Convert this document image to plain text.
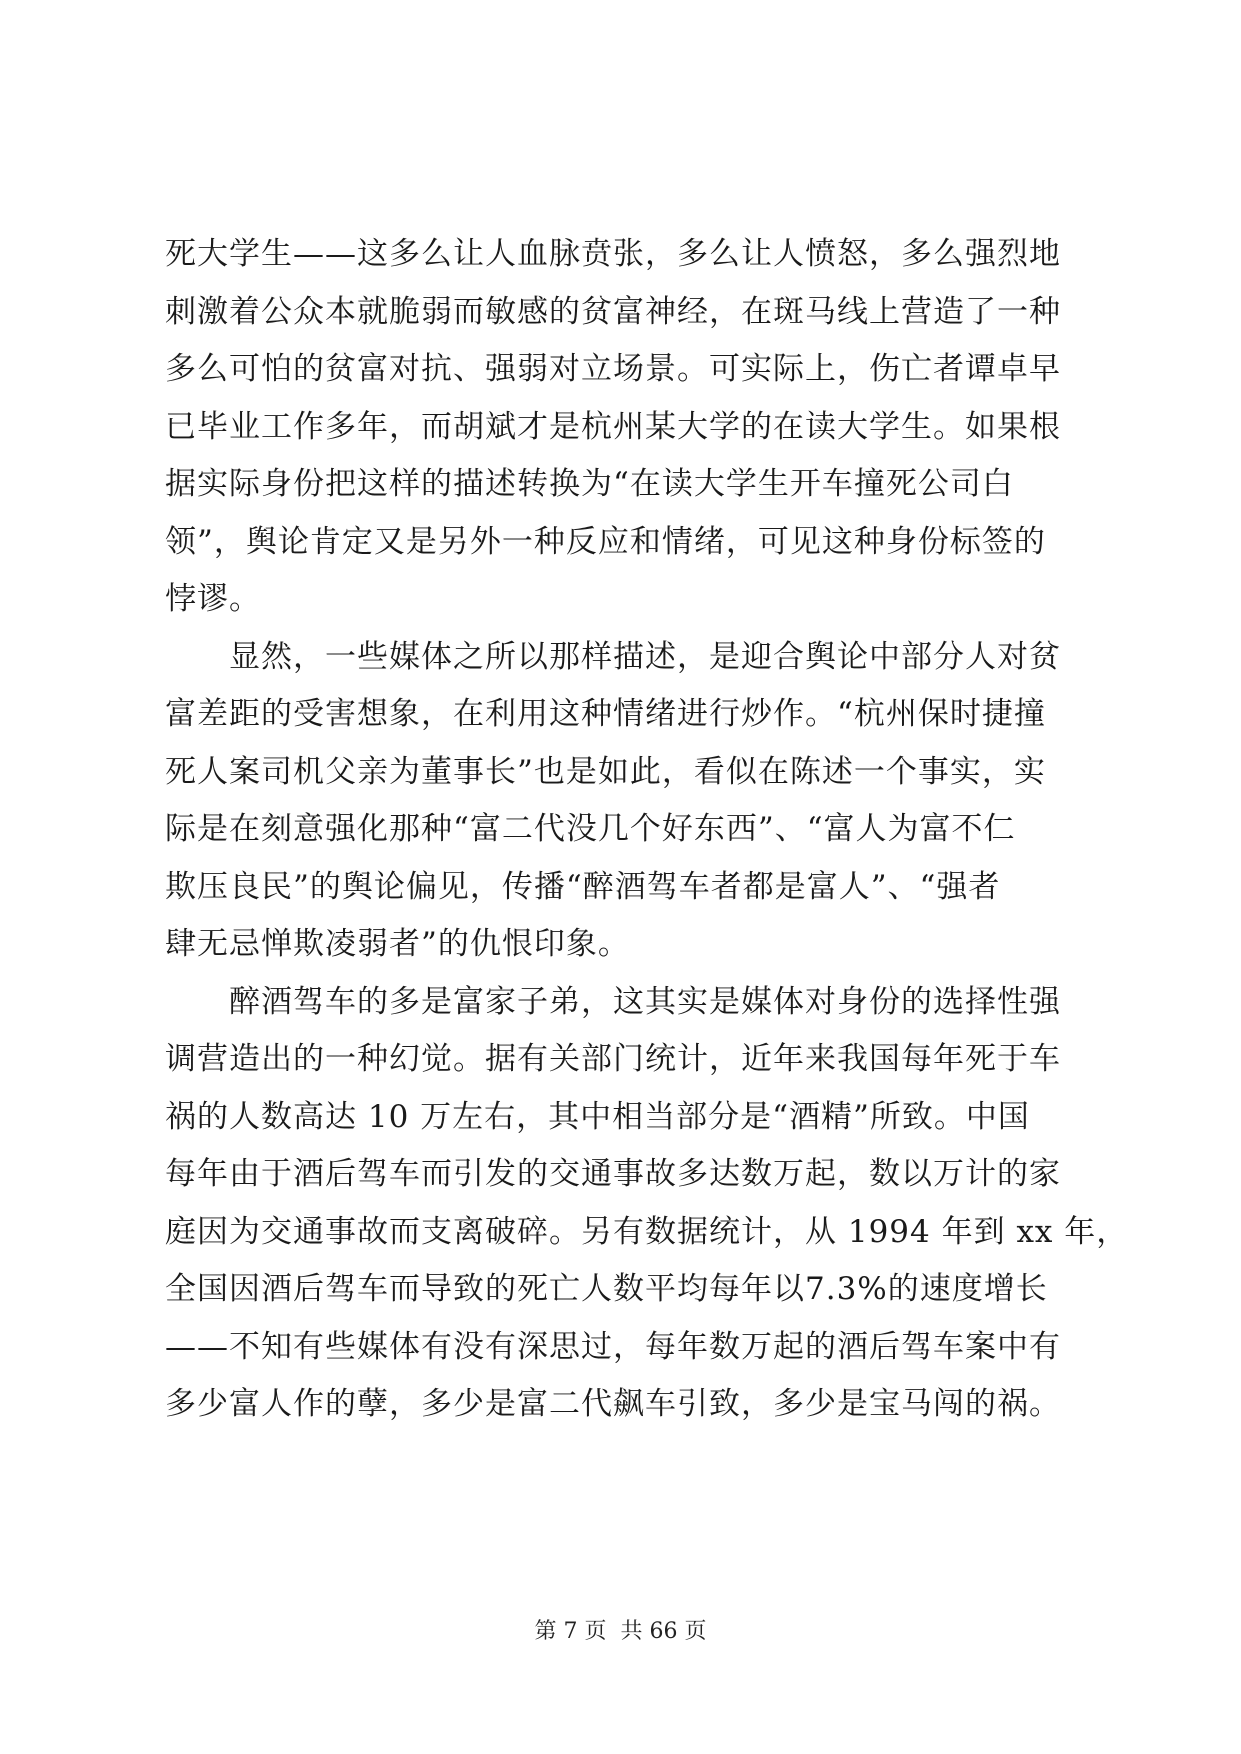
死大学生——这多么让人血脉贲张，多么让人愤怒，多么强烈地
刺激着公众本就脆弱而敏感的贫富神经，在斑马线上营造了一种
多么可怕的贫富对抗、强弱对立场景。可实际上，伤亡者谭卓早
已毕业工作多年，而胡斌才是杭州某大学的在读大学生。如果根
据实际身份把这样的描述转换为“在读大学生开车撞死公司白
领”，舆论肯定又是另外一种反应和情绪，可见这种身份标签的
悖谬。
　　显然，一些媒体之所以那样描述，是迎合舆论中部分人对贫
富差距的受害想象，在利用这种情绪进行炒作。“杭州保时捷撞
死人案司机父亲为董事长”也是如此，看似在陈述一个事实，实
际是在刻意强化那种“富二代没几个好东西”、“富人为富不仁
欺压良民”的舆论偏见，传播“醉酒驾车者都是富人”、“强者
肆无忌惮欺凌弱者”的仇恨印象。
　　醉酒驾车的多是富家子弟，这其实是媒体对身份的选择性强
调营造出的一种幻觉。据有关部门统计，近年来我国每年死于车
祸的人数高达 10 万左右，其中相当部分是“酒精”所致。中国
每年由于酒后驾车而引发的交通事故多达数万起，数以万计的家
庭因为交通事故而支离破碎。另有数据统计，从 1994 年到 xx 年，
全国因酒后驾车而导致的死亡人数平均每年以7.3%的速度增长
——不知有些媒体有没有深思过，每年数万起的酒后驾车案中有
多少富人作的孽，多少是富二代飙车引致，多少是宝马闯的祸。
第 7 页  共 66 页
